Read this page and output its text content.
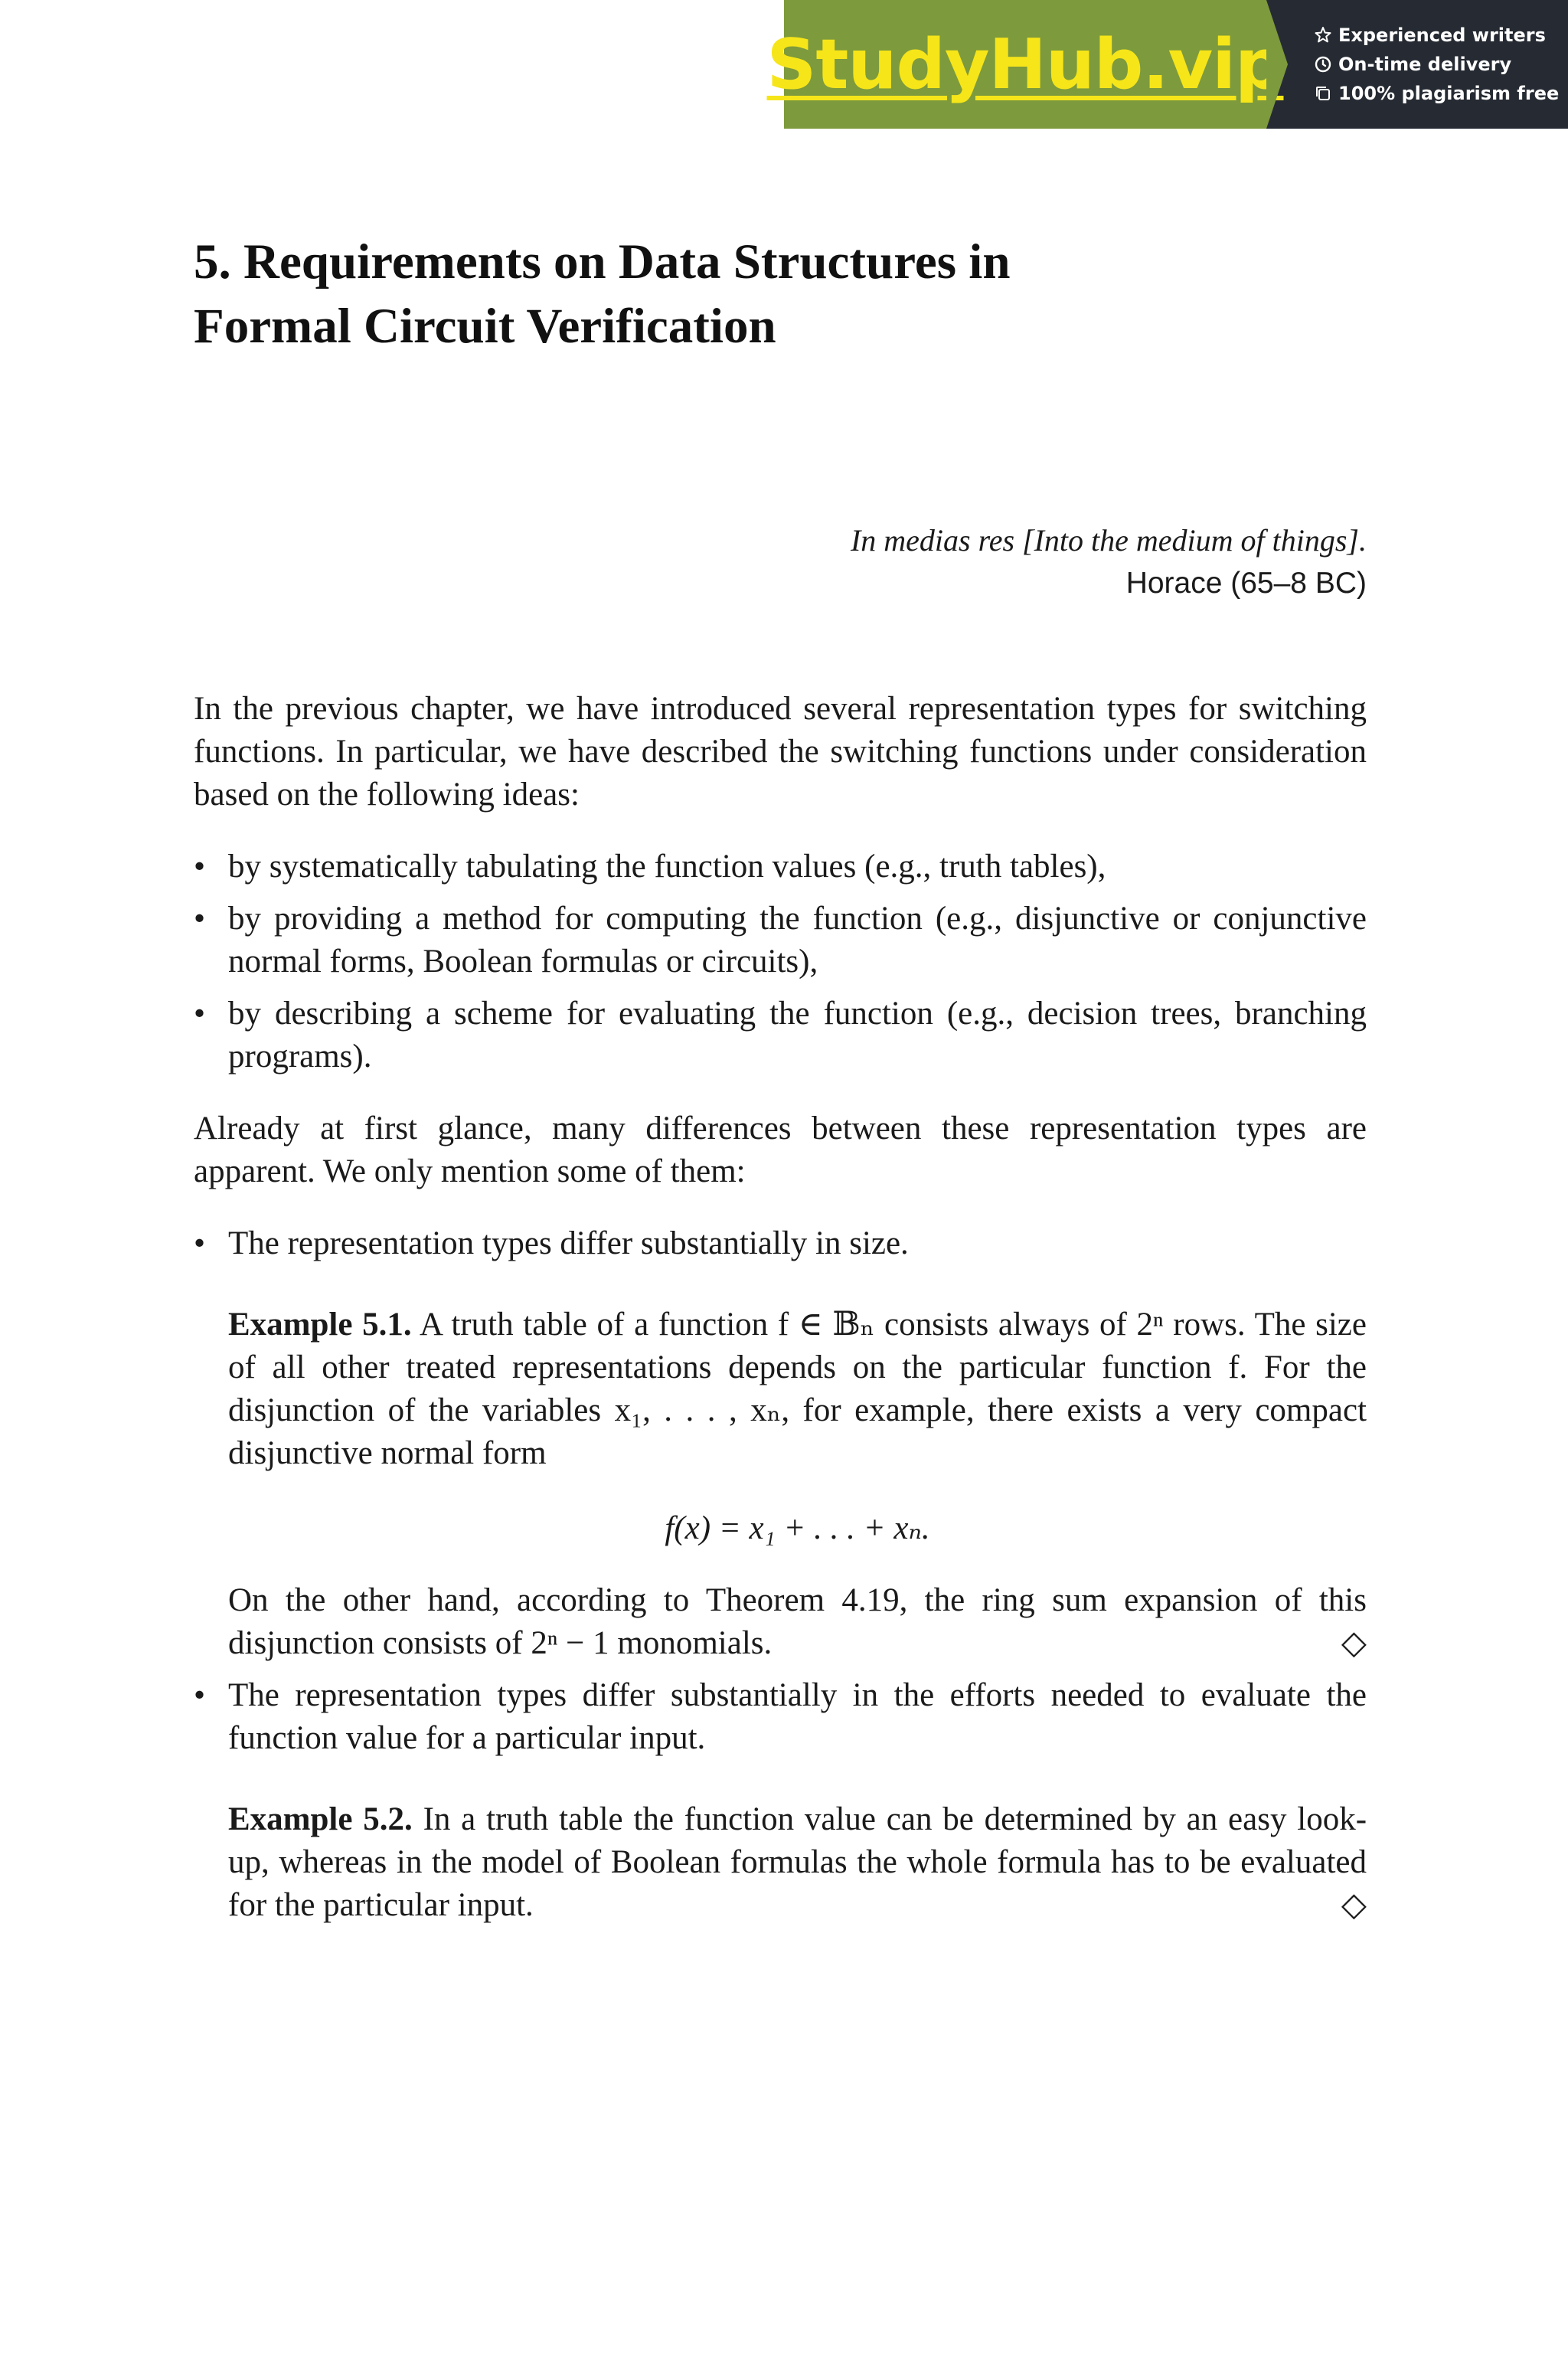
StudyHub.vip	Experienced writers
On-time delivery
100% plagiarism free
5. Requirements on Data Structures in
Formal Circuit Verification
In medias res [Into the medium of things].
Horace (65–8 BC)

In the previous chapter, we have introduced several representation types for switching functions. In particular, we have described the switching functions under consideration based on the following ideas:

• by systematically tabulating the function values (e.g., truth tables),
• by providing a method for computing the function (e.g., disjunctive or conjunctive normal forms, Boolean formulas or circuits),
• by describing a scheme for evaluating the function (e.g., decision trees, branching programs).

Already at first glance, many differences between these representation types are apparent. We only mention some of them:

• The representation types differ substantially in size.
Example 5.1. A truth table of a function f ∈ 𝔹ₙ consists always of 2ⁿ rows. The size of all other treated representations depends on the particular function f. For the disjunction of the variables x₁, . . . , xₙ, for example, there exists a very compact disjunctive normal form
f(x) = x₁ + . . . + xₙ.
On the other hand, according to Theorem 4.19, the ring sum expansion of this disjunction consists of 2ⁿ − 1 monomials.	◇
• The representation types differ substantially in the efforts needed to evaluate the function value for a particular input.
Example 5.2. In a truth table the function value can be determined by an easy look-up, whereas in the model of Boolean formulas the whole formula has to be evaluated for the particular input.	◇
